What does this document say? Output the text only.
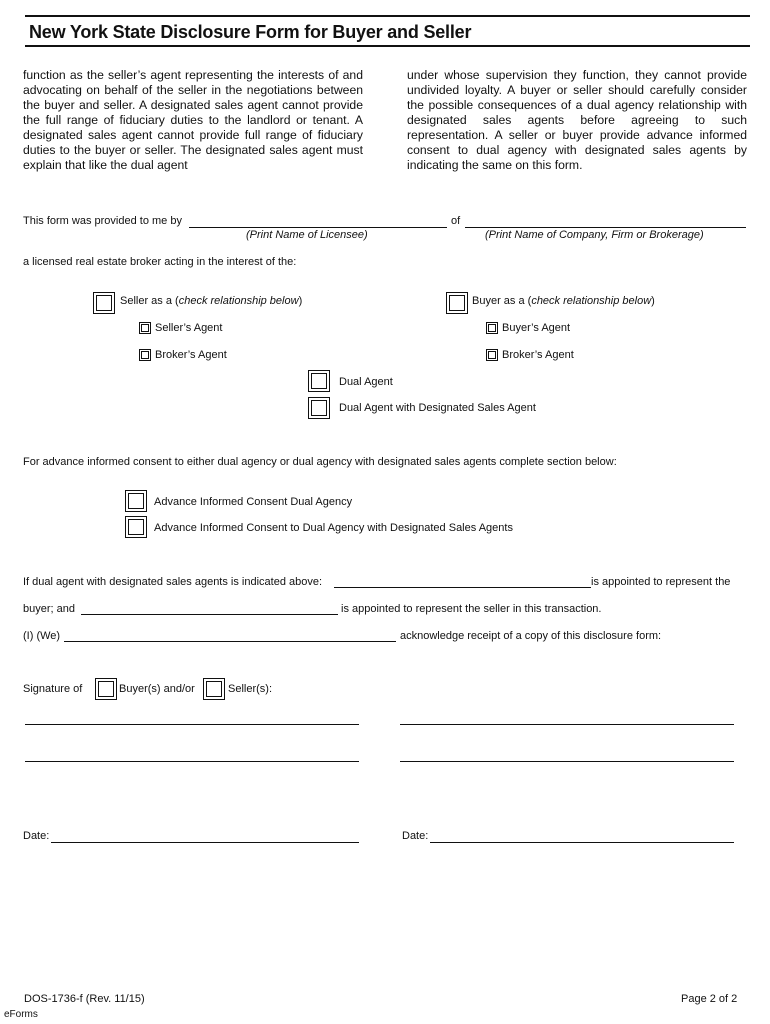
New York State Disclosure Form for Buyer and Seller

function as the seller’s agent representing the interests of and advocating on behalf of the seller in the negotiations between the buyer and seller. A designated sales agent cannot provide the full range of fiduciary duties to the landlord or tenant. A designated sales agent cannot provide full range of fiduciary duties to the buyer or seller. The designated sales agent must explain that like the dual agent

under whose supervision they function, they cannot provide undivided loyalty. A buyer or seller should carefully consider the possible consequences of a dual agency relationship with designated sales agents before agreeing to such representation. A seller or buyer provide advance informed consent to dual agency with designated sales agents by indicating the same on this form.

This form was provided to me by	of
(Print Name of Licensee)	(Print Name of Company, Firm or Brokerage)
a licensed real estate broker acting in the interest of the:
Seller as a (check relationship below)	Buyer as a (check relationship below)
Seller’s Agent	Buyer’s Agent
Broker’s Agent	Broker’s Agent
Dual Agent
Dual Agent with Designated Sales Agent
For advance informed consent to either dual agency or dual agency with designated sales agents complete section below:
Advance Informed Consent Dual Agency
Advance Informed Consent to Dual Agency with Designated Sales Agents
If dual agent with designated sales agents is indicated above:	is appointed to represent the
buyer; and	is appointed to represent the seller in this transaction.
(I) (We)	acknowledge receipt of a copy of this disclosure form:
Signature of	Buyer(s) and/or	Seller(s):
Date:	Date:
DOS-1736-f (Rev. 11/15)	Page 2 of 2
eForms
